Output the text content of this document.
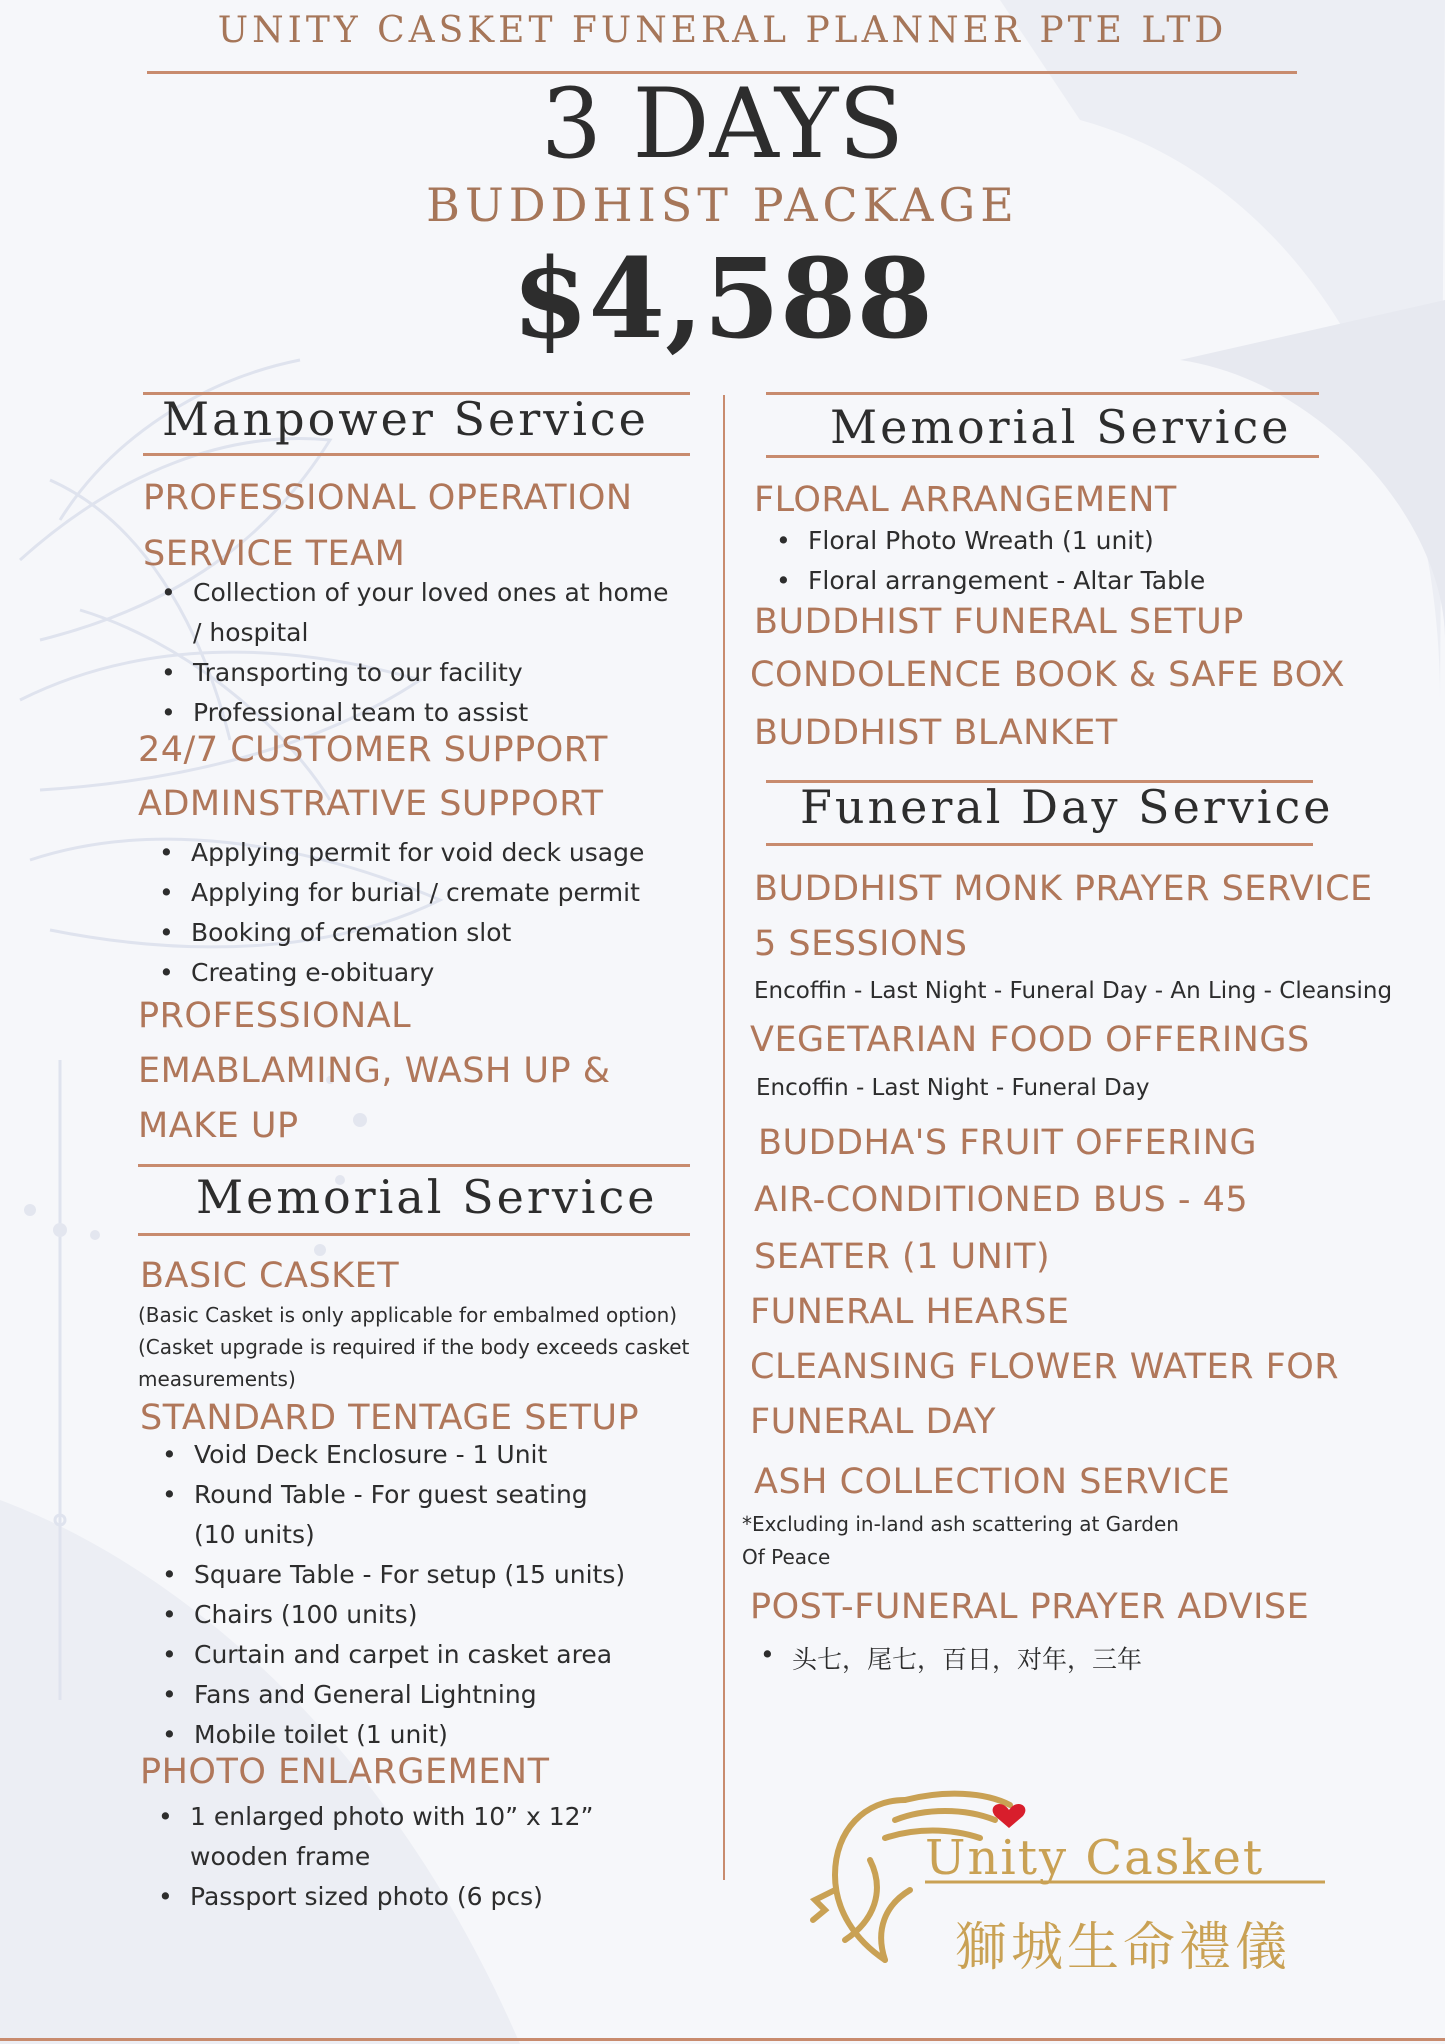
UNITY CASKET FUNERAL PLANNER PTE LTD
3 DAYS
BUDDHIST PACKAGE
$4,588
Manpower Service
PROFESSIONAL OPERATION
SERVICE TEAM
• Collection of your loved ones at home
/ hospital
• Transporting to our facility
• Professional team to assist
24/7 CUSTOMER SUPPORT
ADMINSTRATIVE SUPPORT
• Applying permit for void deck usage
• Applying for burial / cremate permit
• Booking of cremation slot
• Creating e-obituary
PROFESSIONAL
EMABLAMING, WASH UP &
MAKE UP
Memorial Service
BASIC CASKET
(Basic Casket is only applicable for embalmed option)
(Casket upgrade is required if the body exceeds casket
measurements)
STANDARD TENTAGE SETUP
• Void Deck Enclosure - 1 Unit
• Round Table - For guest seating
(10 units)
• Square Table - For setup (15 units)
• Chairs (100 units)
• Curtain and carpet in casket area
• Fans and General Lightning
• Mobile toilet (1 unit)
PHOTO ENLARGEMENT
• 1 enlarged photo with 10” x 12”
wooden frame
• Passport sized photo (6 pcs)
Memorial Service
FLORAL ARRANGEMENT
• Floral Photo Wreath (1 unit)
• Floral arrangement - Altar Table
BUDDHIST FUNERAL SETUP
CONDOLENCE BOOK & SAFE BOX
BUDDHIST BLANKET
Funeral Day Service
BUDDHIST MONK PRAYER SERVICE
5 SESSIONS
Encoffin - Last Night - Funeral Day - An Ling - Cleansing
VEGETARIAN FOOD OFFERINGS
Encoffin - Last Night - Funeral Day
BUDDHA'S FRUIT OFFERING
AIR-CONDITIONED BUS - 45
SEATER (1 UNIT)
FUNERAL HEARSE
CLEANSING FLOWER WATER FOR
FUNERAL DAY
ASH COLLECTION SERVICE
*Excluding in-land ash scattering at Garden
Of Peace
POST-FUNERAL PRAYER ADVISE
• 头七，尾七，百日，对年，三年
Unity Casket
獅城生命禮儀
